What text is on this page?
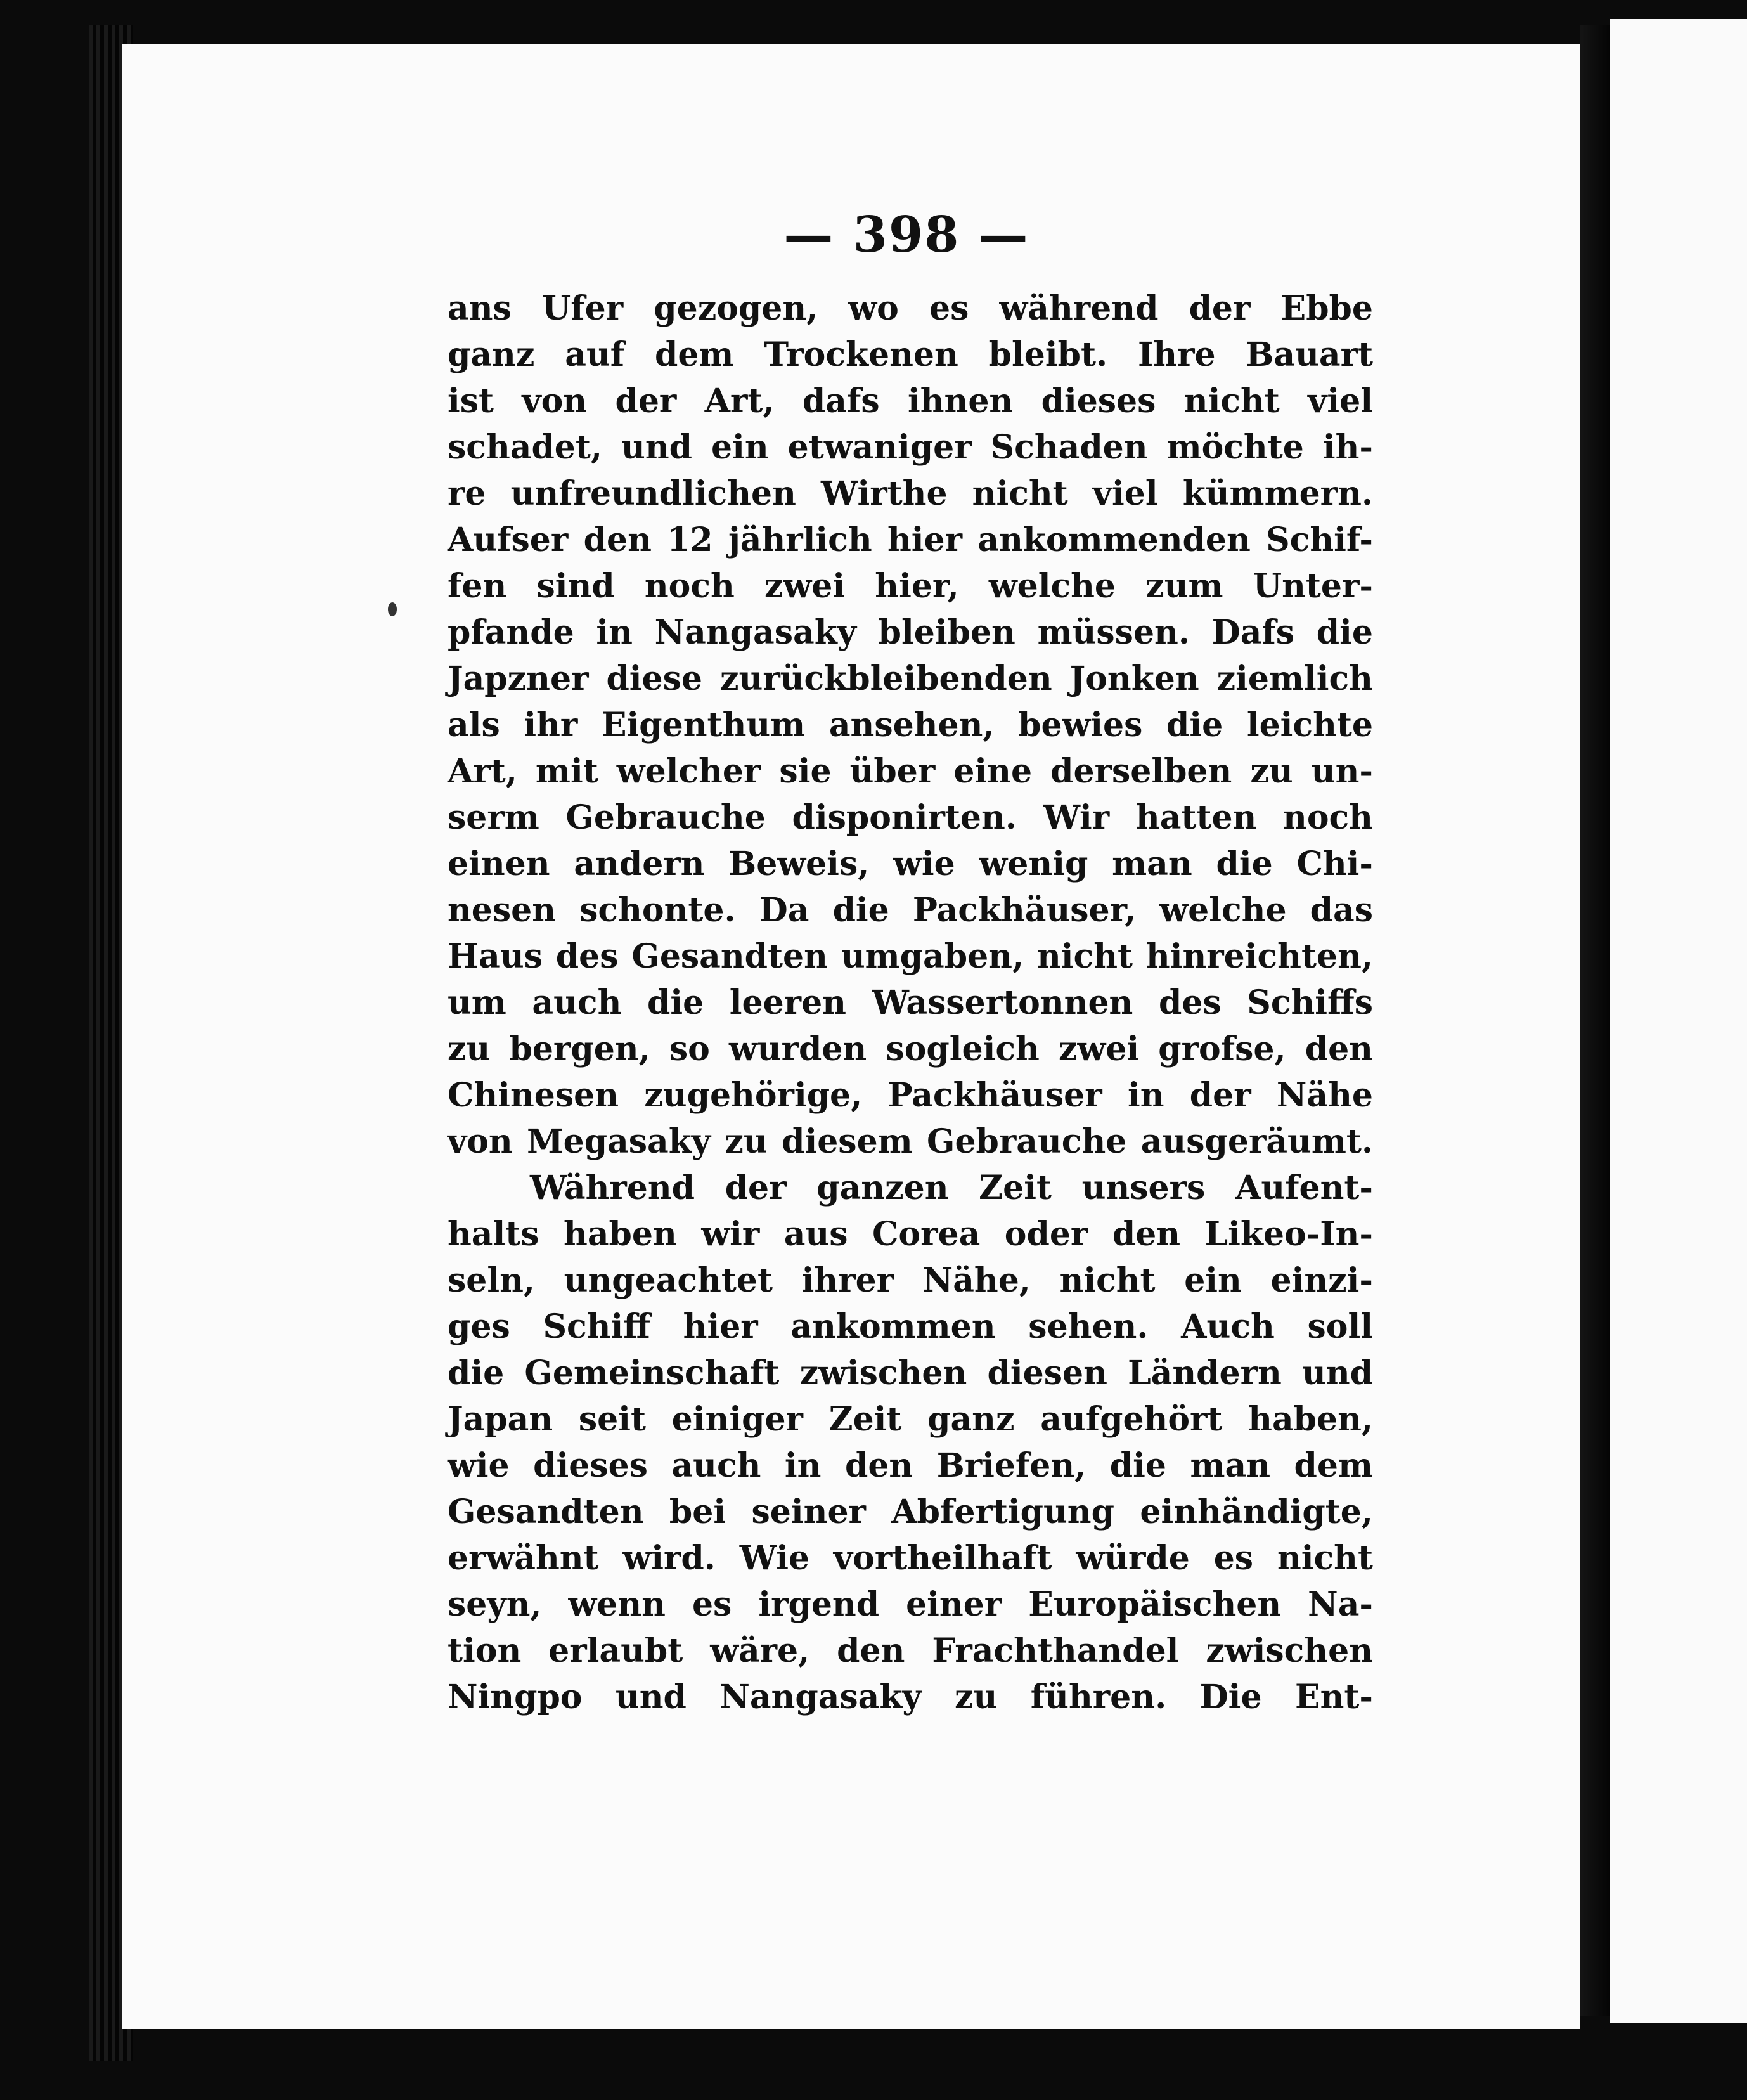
— 398 —
ans Ufer gezogen, wo es während der Ebbe
ganz auf dem Trockenen bleibt. Ihre Bauart
ist von der Art, dafs ihnen dieses nicht viel
schadet, und ein etwaniger Schaden möchte ih-
re unfreundlichen Wirthe nicht viel kümmern.
Aufser den 12 jährlich hier ankommenden Schif-
fen sind noch zwei hier, welche zum Unter-
pfande in Nangasaky bleiben müssen. Dafs die
Japzner diese zurückbleibenden Jonken ziemlich
als ihr Eigenthum ansehen, bewies die leichte
Art, mit welcher sie über eine derselben zu un-
serm Gebrauche disponirten. Wir hatten noch
einen andern Beweis, wie wenig man die Chi-
nesen schonte. Da die Packhäuser, welche das
Haus des Gesandten umgaben, nicht hinreichten,
um auch die leeren Wassertonnen des Schiffs
zu bergen, so wurden sogleich zwei grofse, den
Chinesen zugehörige, Packhäuser in der Nähe
von Megasaky zu diesem Gebrauche ausgeräumt.
Während der ganzen Zeit unsers Aufent-
halts haben wir aus Corea oder den Likeo-In-
seln, ungeachtet ihrer Nähe, nicht ein einzi-
ges Schiff hier ankommen sehen. Auch soll
die Gemeinschaft zwischen diesen Ländern und
Japan seit einiger Zeit ganz aufgehört haben,
wie dieses auch in den Briefen, die man dem
Gesandten bei seiner Abfertigung einhändigte,
erwähnt wird. Wie vortheilhaft würde es nicht
seyn, wenn es irgend einer Europäischen Na-
tion erlaubt wäre, den Frachthandel zwischen
Ningpo und Nangasaky zu führen. Die Ent-
